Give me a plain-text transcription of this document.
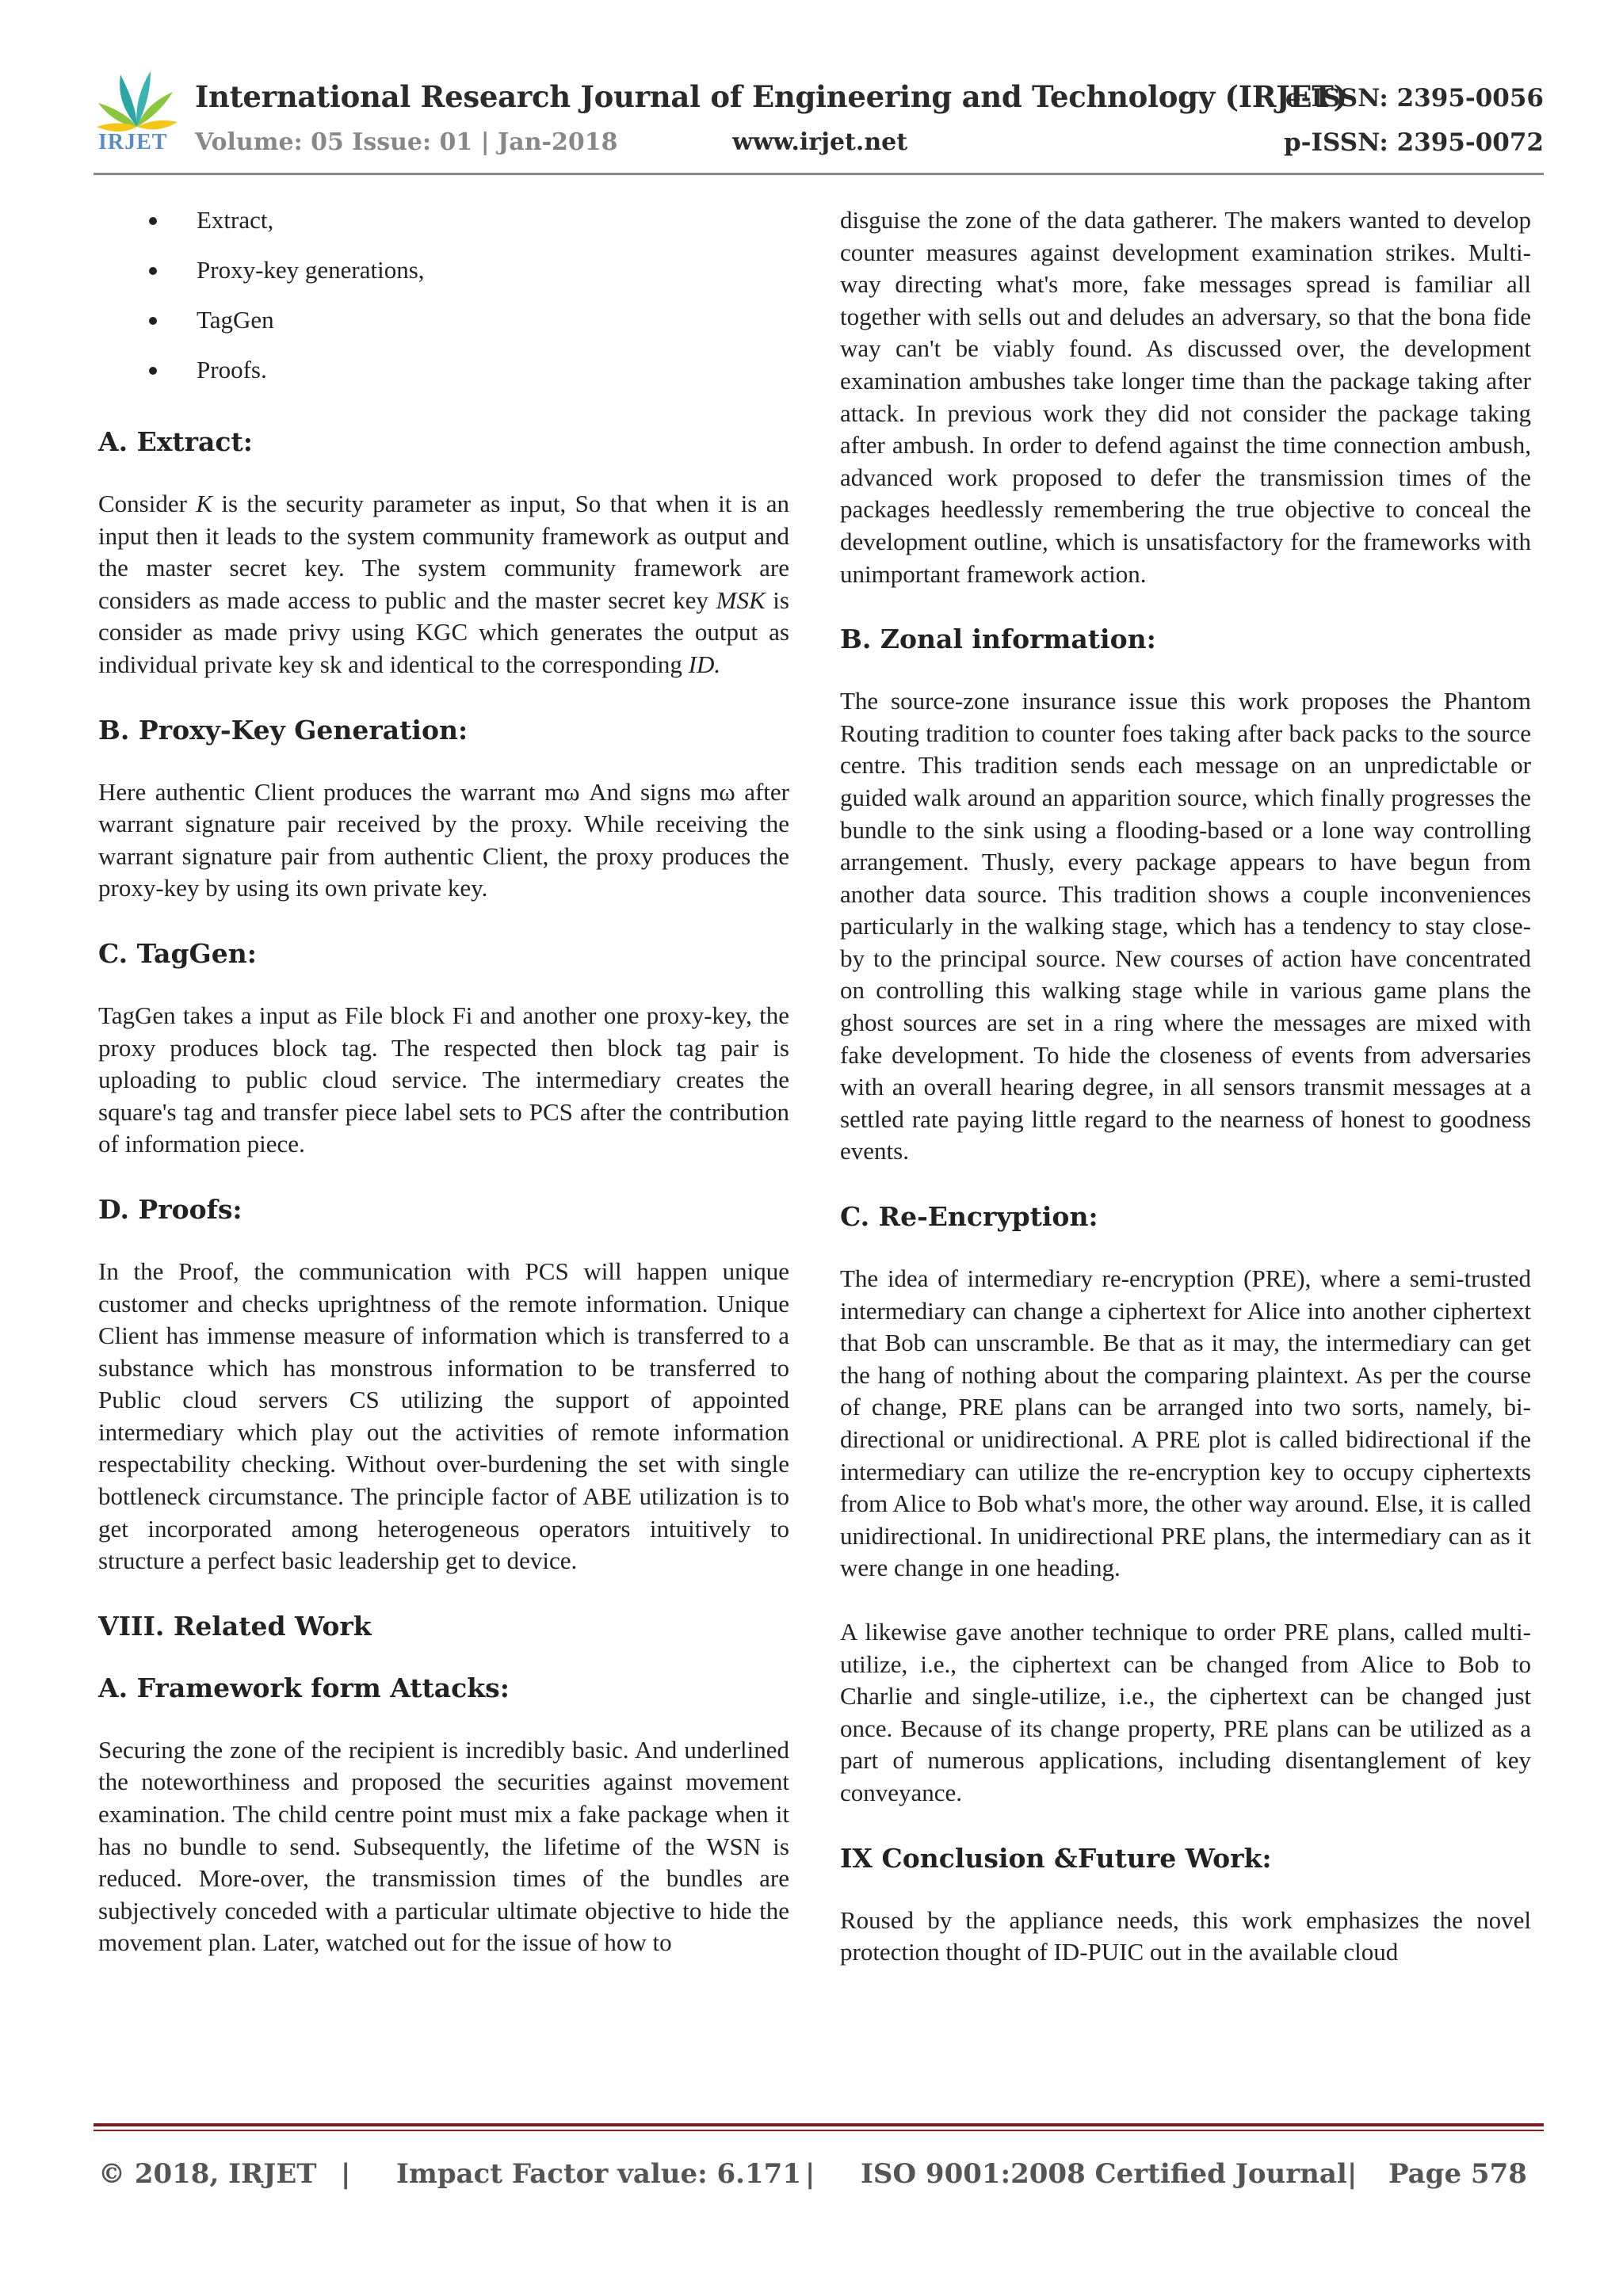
IRJET
International Research Journal of Engineering and Technology (IRJET)
e-ISSN: 2395-0056
Volume: 05 Issue: 01 | Jan-2018	www.irjet.net	p-ISSN: 2395-0072
Extract,
Proxy-key generations,
TagGen
Proofs.
A. Extract:

Consider K is the security parameter as input, So that when it is an input then it leads to the system community framework as output and the master secret key. The system community framework are considers as made access to public and the master secret key MSK is consider as made privy using KGC which generates the output as individual private key sk and identical to the corresponding ID.

B. Proxy-Key Generation:

Here authentic Client produces the warrant mω And signs mω after warrant signature pair received by the proxy. While receiving the warrant signature pair from authentic Client, the proxy produces the proxy-key by using its own private key.

C. TagGen:

TagGen takes a input as File block Fi and another one proxy-key, the proxy produces block tag. The respected then block tag pair is uploading to public cloud service. The intermediary creates the square's tag and transfer piece label sets to PCS after the contribution of information piece.

D. Proofs:

In the Proof, the communication with PCS will happen unique customer and checks uprightness of the remote information. Unique Client has immense measure of information which is transferred to a substance which has monstrous information to be transferred to Public cloud servers CS utilizing the support of appointed intermediary which play out the activities of remote information respectability checking. Without over-burdening the set with single bottleneck circumstance. The principle factor of ABE utilization is to get incorporated among heterogeneous operators intuitively to structure a perfect basic leadership get to device.

VIII. Related Work
A. Framework form Attacks:

Securing the zone of the recipient is incredibly basic. And underlined the noteworthiness and proposed the securities against movement examination. The child centre point must mix a fake package when it has no bundle to send. Subsequently, the lifetime of the WSN is reduced. More-over, the transmission times of the bundles are subjectively conceded with a particular ultimate objective to hide the movement plan. Later, watched out for the issue of how to

disguise the zone of the data gatherer. The makers wanted to develop counter measures against development examination strikes. Multi-way directing what's more, fake messages spread is familiar all together with sells out and deludes an adversary, so that the bona fide way can't be viably found. As discussed over, the development examination ambushes take longer time than the package taking after attack. In previous work they did not consider the package taking after ambush. In order to defend against the time connection ambush, advanced work proposed to defer the transmission times of the packages heedlessly remembering the true objective to conceal the development outline, which is unsatisfactory for the frameworks with unimportant framework action.

B. Zonal information:

The source-zone insurance issue this work proposes the Phantom Routing tradition to counter foes taking after back packs to the source centre. This tradition sends each message on an unpredictable or guided walk around an apparition source, which finally progresses the bundle to the sink using a flooding-based or a lone way controlling arrangement. Thusly, every package appears to have begun from another data source. This tradition shows a couple inconveniences particularly in the walking stage, which has a tendency to stay close-by to the principal source. New courses of action have concentrated on controlling this walking stage while in various game plans the ghost sources are set in a ring where the messages are mixed with fake development. To hide the closeness of events from adversaries with an overall hearing degree, in all sensors transmit messages at a settled rate paying little regard to the nearness of honest to goodness events.

C. Re-Encryption:

The idea of intermediary re-encryption (PRE), where a semi-trusted intermediary can change a ciphertext for Alice into another ciphertext that Bob can unscramble. Be that as it may, the intermediary can get the hang of nothing about the comparing plaintext. As per the course of change, PRE plans can be arranged into two sorts, namely, bi-directional or unidirectional. A PRE plot is called bidirectional if the intermediary can utilize the re-encryption key to occupy ciphertexts from Alice to Bob what's more, the other way around. Else, it is called unidirectional. In unidirectional PRE plans, the intermediary can as it were change in one heading.

A likewise gave another technique to order PRE plans, called multi-utilize, i.e., the ciphertext can be changed from Alice to Bob to Charlie and single-utilize, i.e., the ciphertext can be changed just once. Because of its change property, PRE plans can be utilized as a part of numerous applications, including disentanglement of key conveyance.

IX Conclusion &Future Work:

Roused by the appliance needs, this work emphasizes the novel protection thought of ID-PUIC out in the available cloud

© 2018, IRJET | Impact Factor value: 6.171 | ISO 9001:2008 Certified Journal | Page 578
